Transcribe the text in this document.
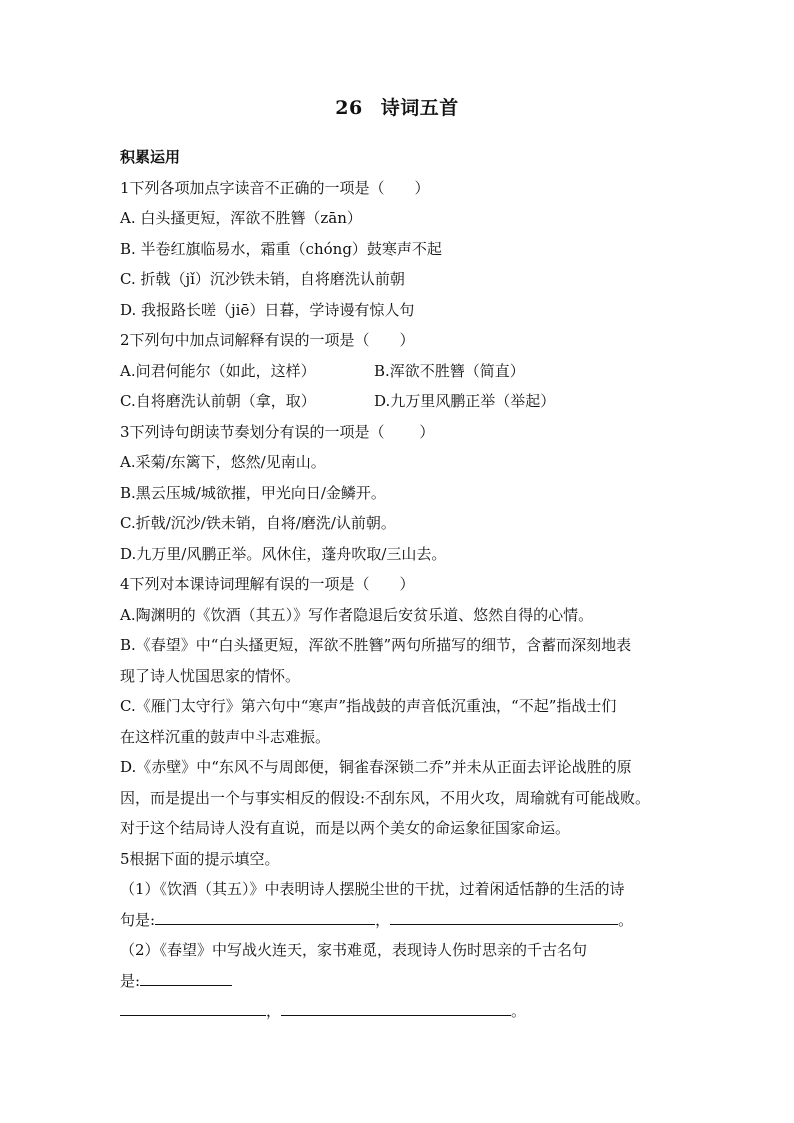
26 诗词五首
积累运用
1下列各项加点字读音不正确的一项是（　　）
A. 白头搔更短，浑欲不胜簪（zān）
B. 半卷红旗临易水，霜重（chóng）鼓寒声不起
C. 折戟（jǐ）沉沙铁未销，自将磨洗认前朝
D. 我报路长嗟（jiē）日暮，学诗谩有惊人句
2下列句中加点词解释有误的一项是（　　）
A.问君何能尔（如此，这样）	B.浑欲不胜簪（简直）
C.自将磨洗认前朝（拿，取）	D.九万里风鹏正举（举起）
3下列诗句朗读节奏划分有误的一项是（　　 ）
A.采菊/东篱下，悠然/见南山。
B.黑云压城/城欲摧，甲光向日/金鳞开。
C.折戟/沉沙/铁未销，自将/磨洗/认前朝。
D.九万里/风鹏正举。风休住，蓬舟吹取/三山去。
4下列对本课诗词理解有误的一项是（　　）
A.陶渊明的《饮酒（其五）》写作者隐退后安贫乐道、悠然自得的心情。
B.《春望》中“白头搔更短，浑欲不胜簪”两句所描写的细节，含蓄而深刻地表
现了诗人忧国思家的情怀。
C.《雁门太守行》第六句中“寒声”指战鼓的声音低沉重浊，“不起”指战士们
在这样沉重的鼓声中斗志难振。
D.《赤壁》中“东风不与周郎便，铜雀春深锁二乔”并未从正面去评论战胜的原
因，而是提出一个与事实相反的假设:不刮东风，不用火攻，周瑜就有可能战败。
对于这个结局诗人没有直说，而是以两个美女的命运象征国家命运。
5根据下面的提示填空。
（1）《饮酒（其五）》中表明诗人摆脱尘世的干扰，过着闲适恬静的生活的诗
句是:	，	。
（2）《春望》中写战火连天，家书难觅，表现诗人伤时思亲的千古名句
是:
，	。
